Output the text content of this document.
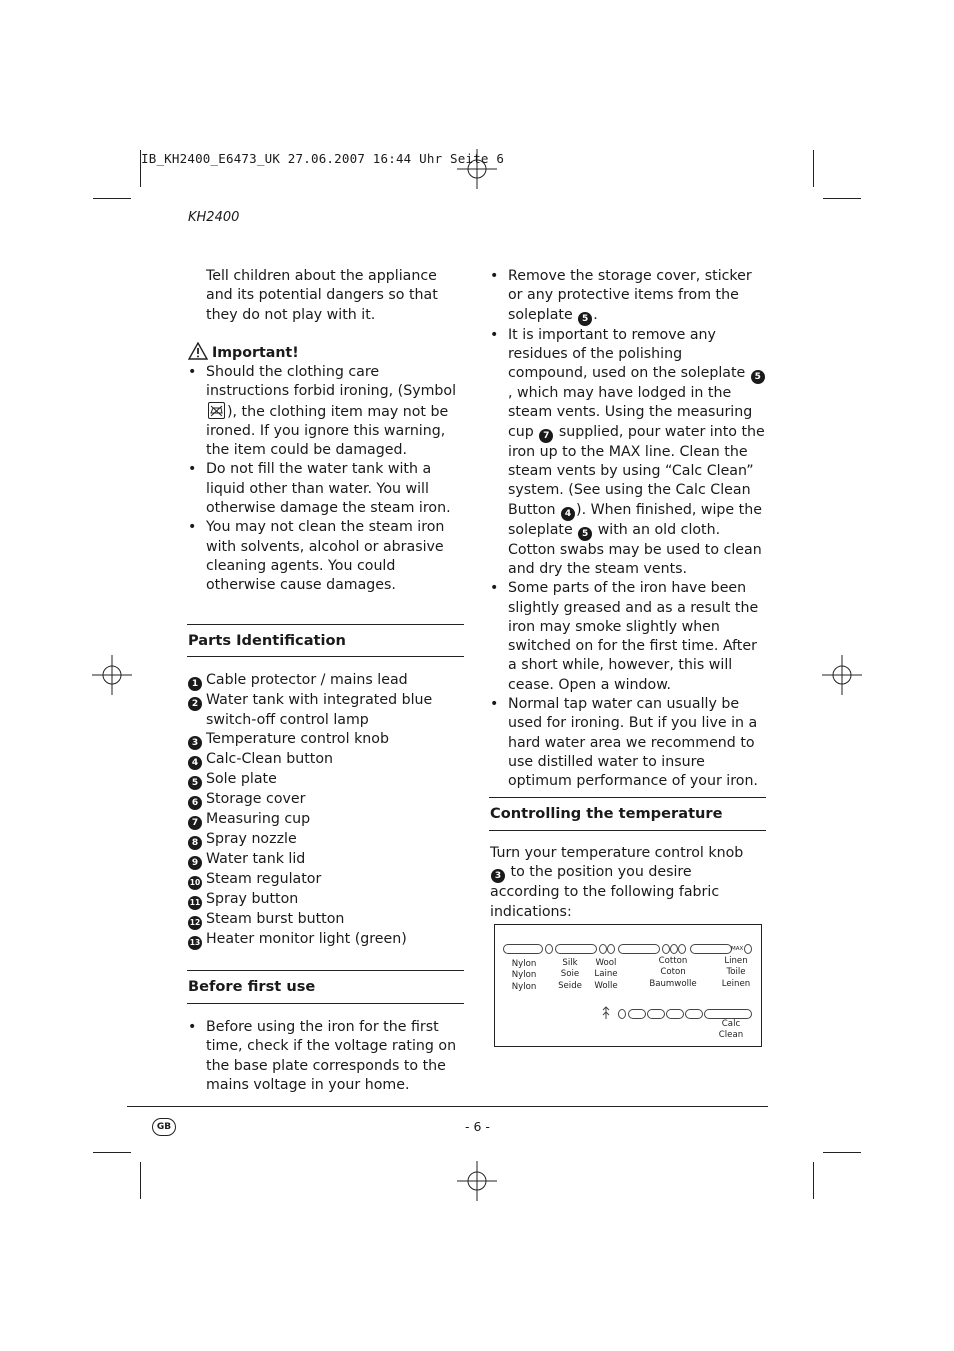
IB_KH2400_E6473_UK 27.06.2007 16:44 Uhr Seite 6
KH2400

Tell children about the appliance and its potential dangers so that they do not play with it.

Important!
• Should the clothing care instructions forbid ironing, (Symbol
), the clothing item may not be ironed. If you ignore this warning, the item could be damaged.
• Do not fill the water tank with a liquid other than water. You will otherwise damage the steam iron.
• You may not clean the steam iron with solvents, alcohol or abrasive cleaning agents. You could otherwise cause damages.
Parts Identification
1 Cable protector / mains lead
2 Water tank with integrated blue
switch-off control lamp
3 Temperature control knob
4 Calc-Clean button
5 Sole plate
6 Storage cover
7 Measuring cup
8 Spray nozzle
9 Water tank lid
10 Steam regulator
11 Spray button
12 Steam burst button
13 Heater monitor light (green)
Before first use
• Before using the iron for the first time, check if the voltage rating on the base plate corresponds to the mains voltage in your home.
• Remove the storage cover, sticker or any protective items from the soleplate 5 .
• It is important to remove any residues of the polishing compound, used on the soleplate 5, which may have lodged in the steam vents. Using the measuring cup 7 supplied, pour water into the iron up to the MAX line. Clean the steam vents by using “Calc Clean” system. (See using the Calc Clean Button 4 ). When finished, wipe the soleplate 5 with an old cloth. Cotton swabs may be used to clean and dry the steam vents.
• Some parts of the iron have been slightly greased and as a result the iron may smoke slightly when switched on for the first time. After a short while, however, this will cease. Open a window.
• Normal tap water can usually be used for ironing. But if you live in a hard water area we recommend to use distilled water to insure optimum performance of your iron.
Controlling the temperature

Turn your temperature control knob 3 to the position you desire according to the following fabric indications:

MAX
Nylon
Nylon
Nylon
Silk
Soie
Seide
Wool
Laine
Wolle
Cotton
Coton
Baumwolle
Linen
Toile
Leinen
Calc Clean
GB	- 6 -
